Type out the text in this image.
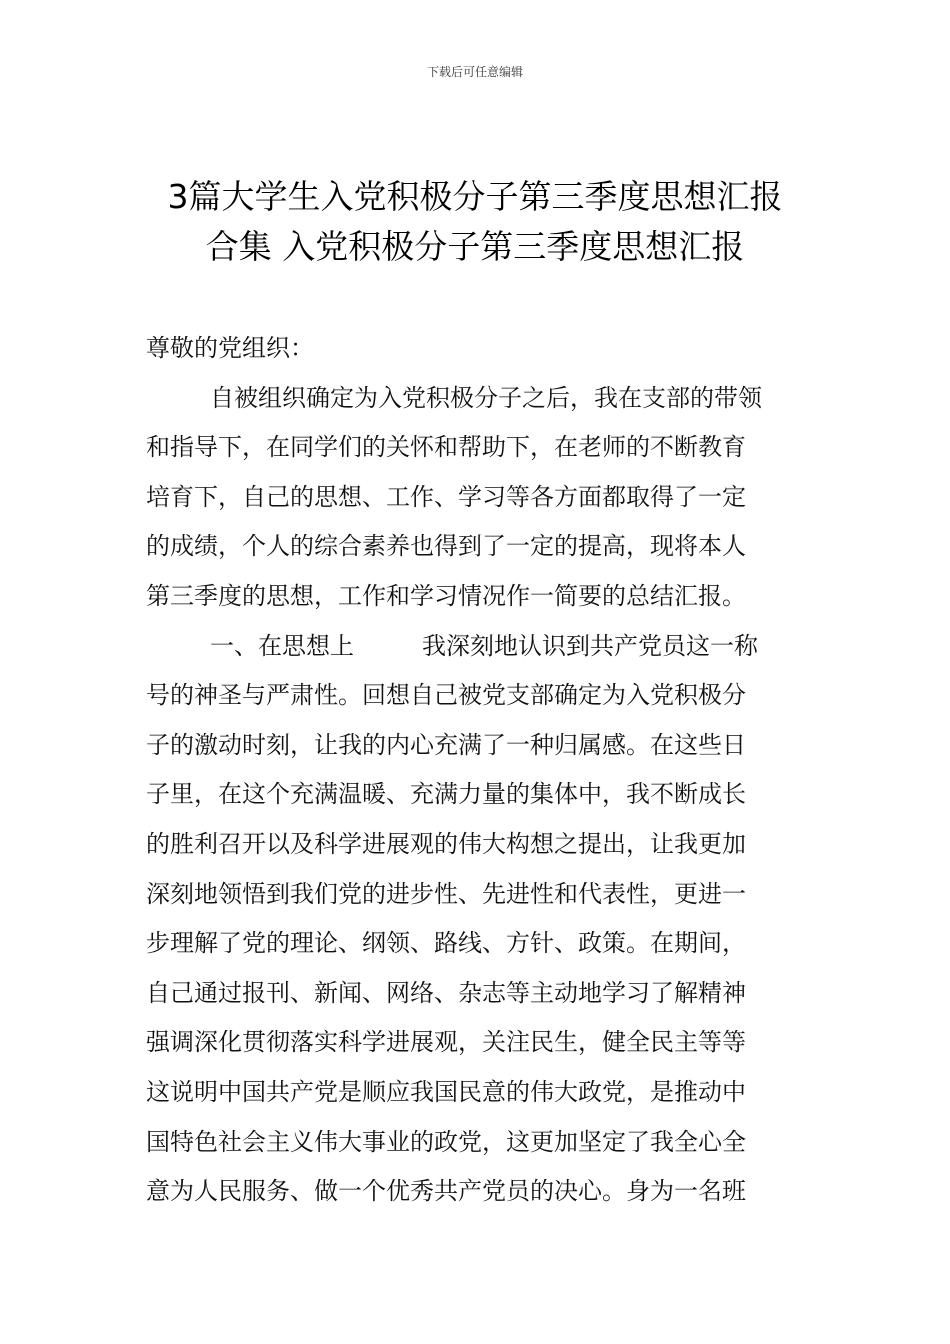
下载后可任意编辑
3篇大学生入党积极分子第三季度思想汇报
合集 入党积极分子第三季度思想汇报
尊敬的党组织：
自被组织确定为入党积极分子之后，我在支部的带领
和指导下，在同学们的关怀和帮助下，在老师的不断教育
培育下，自己的思想、工作、学习等各方面都取得了一定
的成绩，个人的综合素养也得到了一定的提高，现将本人
第三季度的思想，工作和学习情况作一简要的总结汇报。
一、在思想上	我深刻地认识到共产党员这一称
号的神圣与严肃性。回想自己被党支部确定为入党积极分
子的激动时刻，让我的内心充满了一种归属感。在这些日
子里，在这个充满温暖、充满力量的集体中，我不断成长
的胜利召开以及科学进展观的伟大构想之提出，让我更加
深刻地领悟到我们党的进步性、先进性和代表性，更进一
步理解了党的理论、纲领、路线、方针、政策。在期间，
自己通过报刊、新闻、网络、杂志等主动地学习了解精神
强调深化贯彻落实科学进展观，关注民生，健全民主等等
这说明中国共产党是顺应我国民意的伟大政党，是推动中
国特色社会主义伟大事业的政党，这更加坚定了我全心全
意为人民服务、做一个优秀共产党员的决心。身为一名班
